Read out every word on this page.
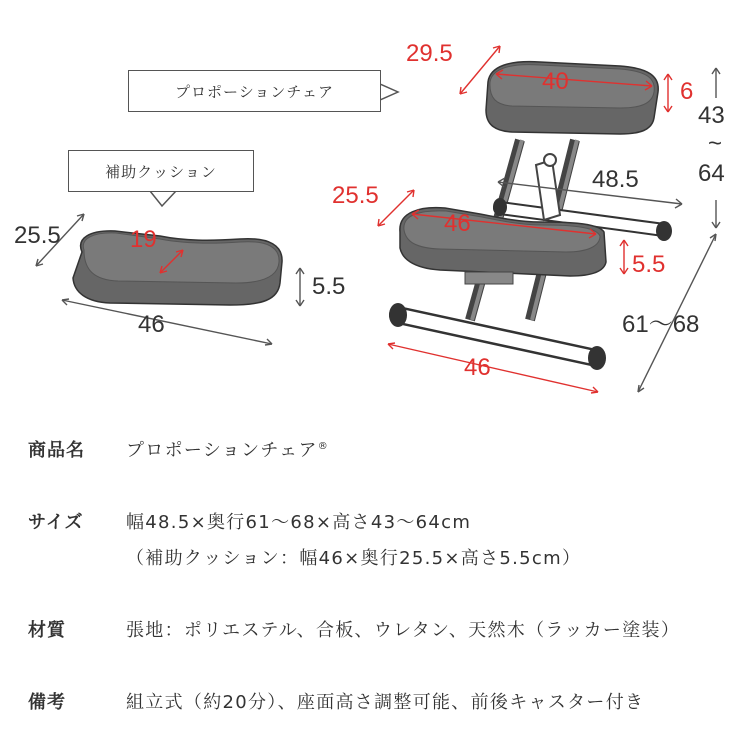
プロポーションチェア
補助クッション
25.5	19
46
5.5
29.5
40	6
43
~
64
48.5
25.5
46
5.5
46
61〜68
商品名	プロポーションチェア®
サイズ	幅48.5×奥行61〜68×高さ43〜64cm
（補助クッション：幅46×奥行25.5×高さ5.5cm）
材質	張地：ポリエステル、合板、ウレタン、天然木（ラッカー塗装）
備考	組立式（約20分）、座面高さ調整可能、前後キャスター付き
